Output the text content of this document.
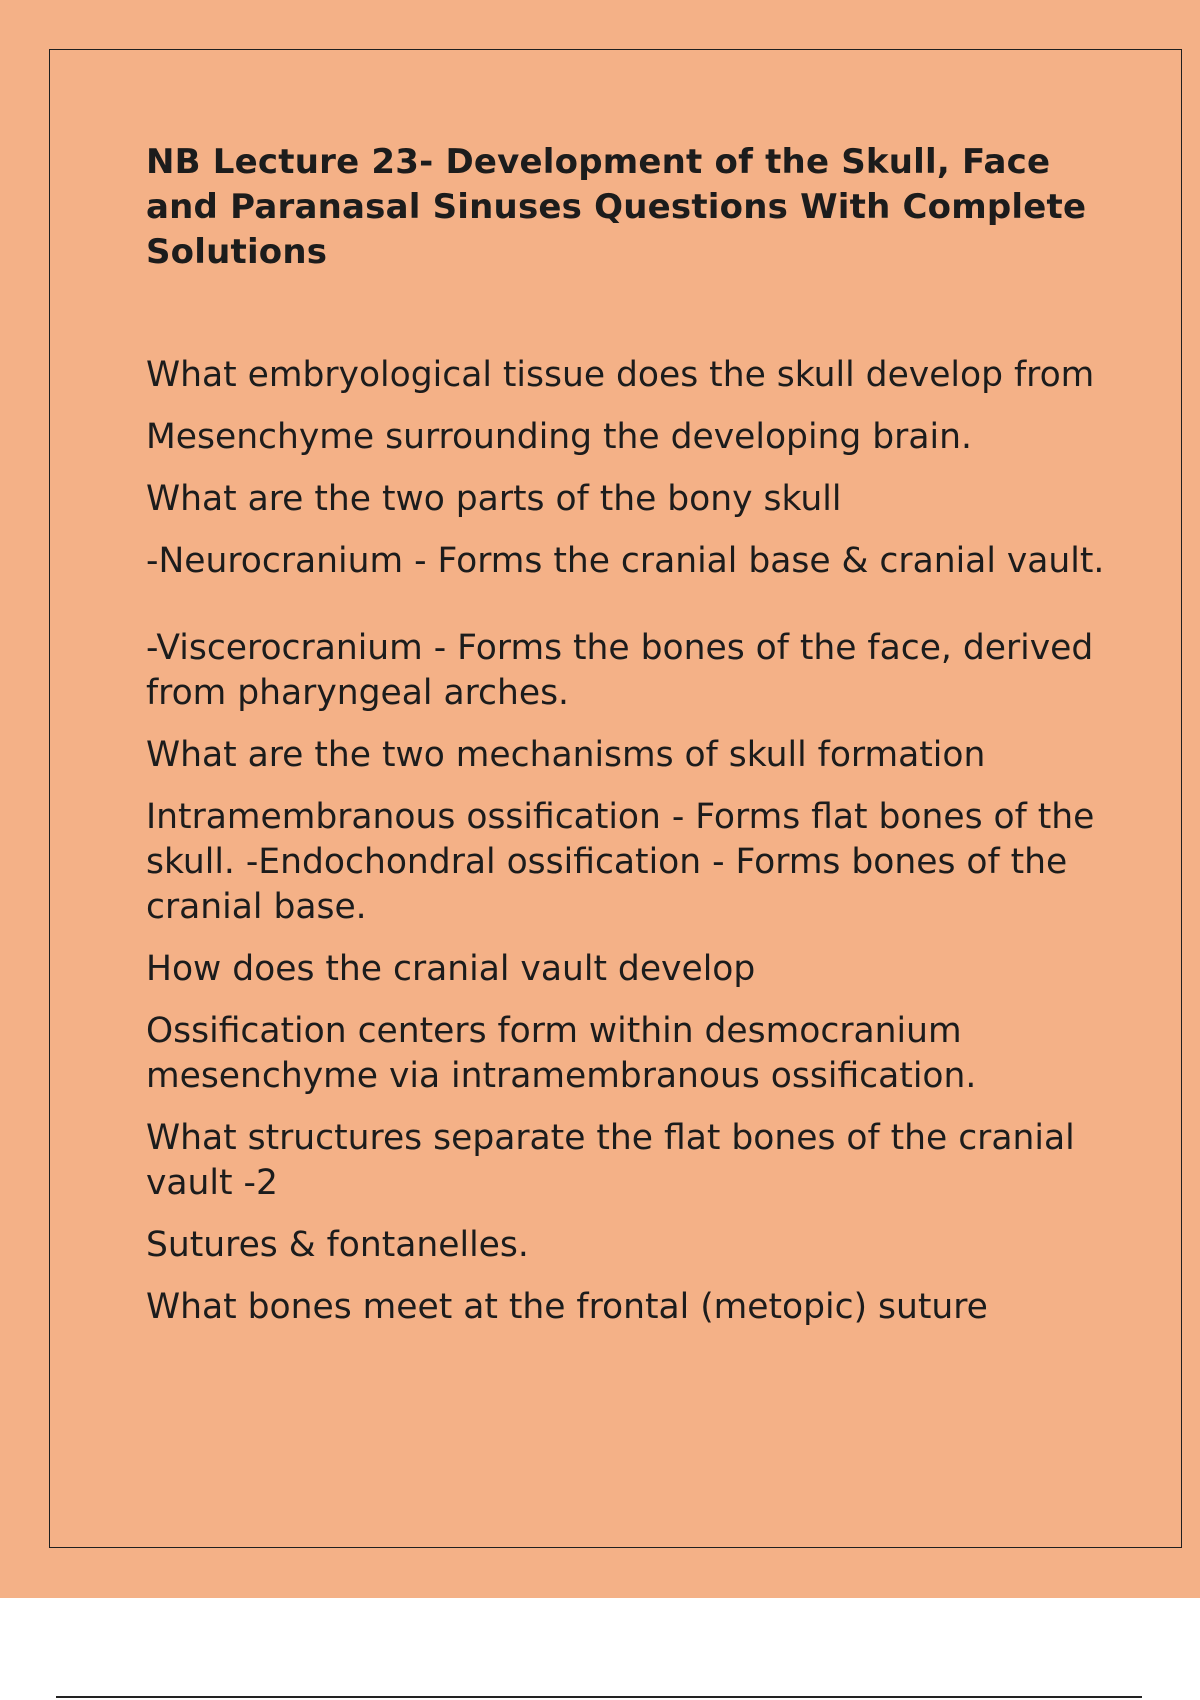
NB Lecture 23- Development of the Skull, Face and Paranasal Sinuses Questions With Complete Solutions

What embryological tissue does the skull develop from

Mesenchyme surrounding the developing brain.

What are the two parts of the bony skull

-Neurocranium - Forms the cranial base & cranial vault.

-Viscerocranium - Forms the bones of the face, derived from pharyngeal arches.

What are the two mechanisms of skull formation

Intramembranous ossification - Forms flat bones of the skull. -Endochondral ossification - Forms bones of the cranial base.

How does the cranial vault develop

Ossification centers form within desmocranium mesenchyme via intramembranous ossification.

What structures separate the flat bones of the cranial vault -2

Sutures & fontanelles.

What bones meet at the frontal (metopic) suture
